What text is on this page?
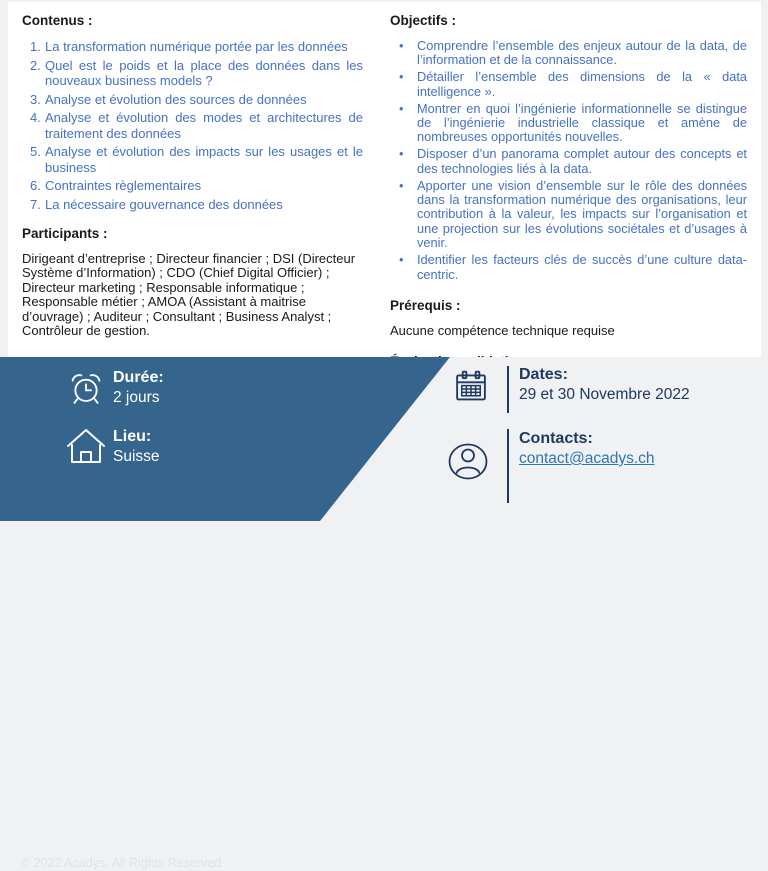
Contenus :
La transformation numérique portée par les données
Quel est le poids et la place des données dans les nouveaux business models ?
Analyse et évolution des sources de données
Analyse et évolution des modes et architectures de traitement des données
Analyse et évolution des impacts sur les usages et le business
Contraintes règlementaires
La nécessaire gouvernance des données
Participants :

Dirigeant d’entreprise ; Directeur financier ; DSI (Directeur Système d’Information) ; CDO (Chief Digital Officier) ; Directeur marketing ; Responsable informatique ; Responsable métier ; AMOA (Assistant à maitrise d’ouvrage) ; Auditeur ; Consultant ; Business Analyst ; Contrôleur de gestion.

Objectifs :
• Comprendre l’ensemble des enjeux autour de la data, de l’information et de la connaissance.
• Détailler l’ensemble des dimensions de la « data intelligence ».
• Montrer en quoi l’ingénierie informationnelle se distingue de l’ingénierie industrielle classique et amène de nombreuses opportunités nouvelles.
• Disposer d’un panorama complet autour des concepts et des technologies liés à la data.
• Apporter une vision d’ensemble sur le rôle des données dans la transformation numérique des organisations, leur contribution à la valeur, les impacts sur l’organisation et une projection sur les évolutions sociétales et d’usages à venir.
• Identifier les facteurs clés de succès d’une culture data-centric.
Prérequis :

Aucune compétence technique requise

Durée:
2 jours
Lieu:
Suisse
Dates:
29 et 30 Novembre 2022
Contacts:
contact@acadys.ch
© 2022 Acadys. All Rights Reserved
